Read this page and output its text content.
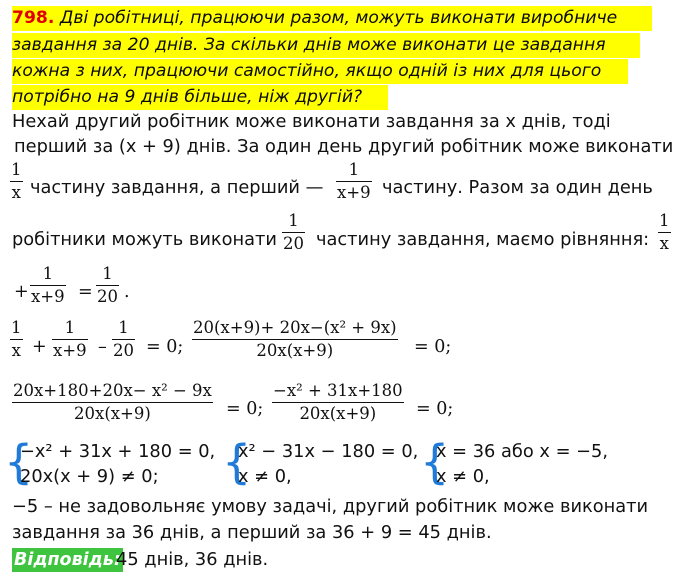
798. Дві робітниці, працюючи разом, можуть виконати виробниче
завдання за 20 днів. За скільки днів може виконати це завдання
кожна з них, працюючи самостійно, якщо одній із них для цього
потрібно на 9 днів більше, ніж другій?
Нехай другий робітник може виконати завдання за x днів, тоді
перший за (x + 9) днів. За один день другий робітник може виконати
1
x частину завдання, а перший —
1
x+9 частину. Разом за один день
робітники можуть виконати
1
20 частину завдання, маємо рівняння:
1
x
+
1
x+9 =
1
20 .
1
x +
1
x+9 –
1
20 = 0;
20(x+9)+ 20x−(x² + 9x)
20x(x+9)	= 0;
20x+180+20x− x² − 9x
20x(x+9)	= 0;
−x² + 31x+180
20x(x+9) = 0;
{
−x² + 31x + 180 = 0,
20x(x + 9) ≠ 0; {
x² − 31x − 180 = 0,
x ≠ 0,	{
x = 36 або x = −5,
x ≠ 0,
−5 – не задовольняє умову задачі, другий робітник може виконати
завдання за 36 днів, а перший за 36 + 9 = 45 днів.
Відповідь:
45 днів, 36 днів.
